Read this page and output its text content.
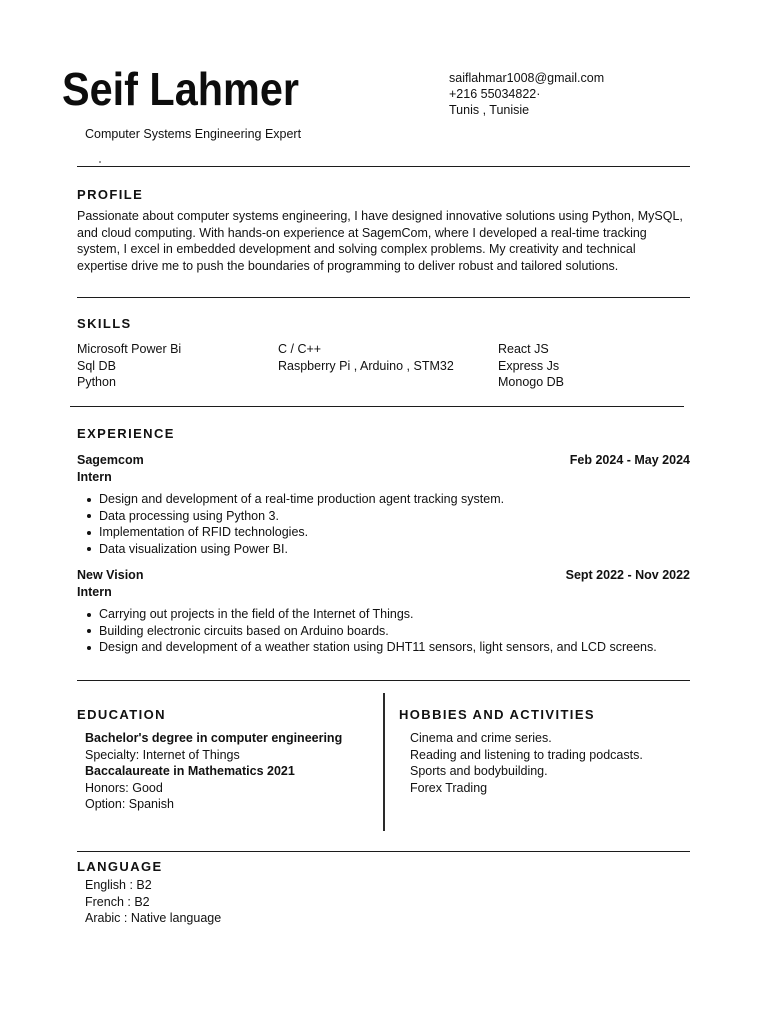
Seif Lahmer	saiflahmar1008@gmail.com
+216 55034822·
Tunis , Tunisie
Computer Systems Engineering Expert
PROFILE
Passionate about computer systems engineering, I have designed innovative solutions using Python, MySQL,
and cloud computing. With hands-on experience at SagemCom, where I developed a real-time tracking
system, I excel in embedded development and solving complex problems. My creativity and technical
expertise drive me to push the boundaries of programming to deliver robust and tailored solutions.
SKILLS
Microsoft Power Bi
Sql DB
Python
C / C++
Raspberry Pi , Arduino , STM32
React JS
Express Js
Monogo DB
EXPERIENCE
Sagemcom
Intern
Feb 2024 - May 2024
Design and development of a real-time production agent tracking system.
Data processing using Python 3.
Implementation of RFID technologies.
Data visualization using Power BI.
New Vision
Intern
Sept 2022 - Nov 2022
Carrying out projects in the field of the Internet of Things.
Building electronic circuits based on Arduino boards.
Design and development of a weather station using DHT11 sensors, light sensors, and LCD screens.
EDUCATION
Bachelor's degree in computer engineering
Specialty: Internet of Things
Baccalaureate in Mathematics 2021
Honors: Good
Option: Spanish
HOBBIES AND ACTIVITIES
Cinema and crime series.
Reading and listening to trading podcasts.
Sports and bodybuilding.
Forex Trading
LANGUAGE
English : B2
French : B2
Arabic : Native language
